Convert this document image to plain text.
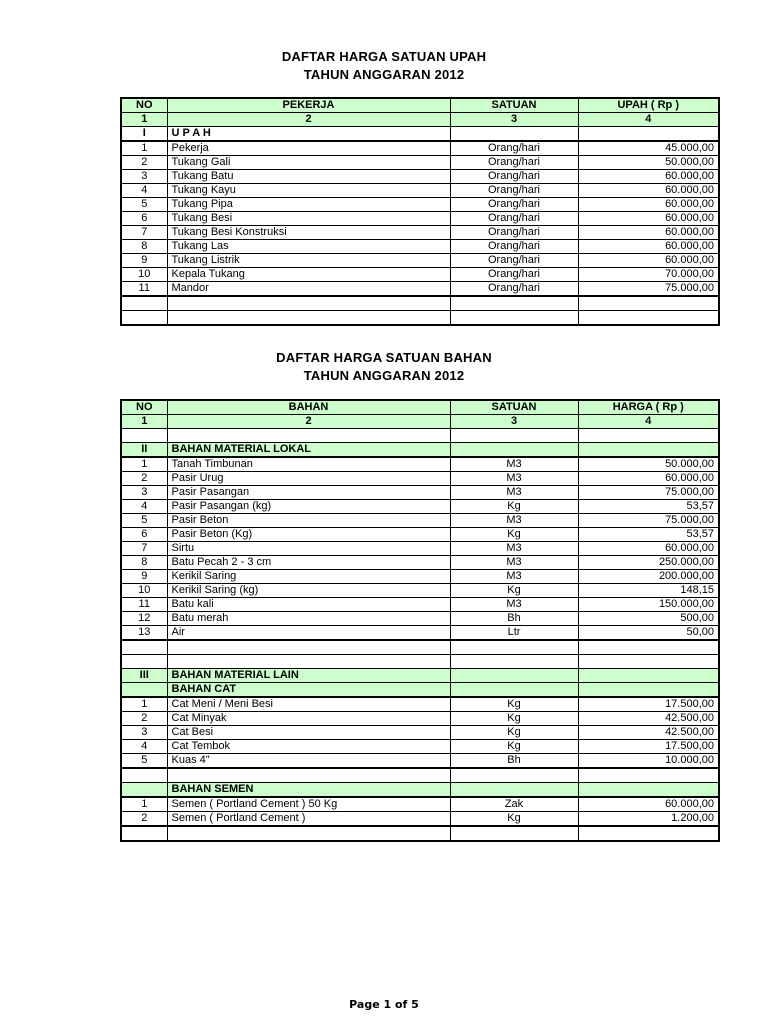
DAFTAR HARGA SATUAN UPAH
TAHUN ANGGARAN 2012
NO	PEKERJA	SATUAN	UPAH ( Rp )
1	2	3	4
I	U P A H		
1	Pekerja	Orang/hari	45.000,00
2	Tukang Gali	Orang/hari	50.000,00
3	Tukang Batu	Orang/hari	60.000,00
4	Tukang Kayu	Orang/hari	60.000,00
5	Tukang Pipa	Orang/hari	60.000,00
6	Tukang Besi	Orang/hari	60.000,00
7	Tukang Besi Konstruksi	Orang/hari	60.000,00
8	Tukang Las	Orang/hari	60.000,00
9	Tukang Listrik	Orang/hari	60.000,00
10	Kepala Tukang	Orang/hari	70.000,00
11	Mandor	Orang/hari	75.000,00

DAFTAR HARGA SATUAN BAHAN
TAHUN ANGGARAN 2012
NO	BAHAN	SATUAN	HARGA ( Rp )
1	2	3	4

II	BAHAN MATERIAL LOKAL		
1	Tanah Timbunan	M3	50.000,00
2	Pasir Urug	M3	60.000,00
3	Pasir Pasangan	M3	75.000,00
4	Pasir Pasangan (kg)	Kg	53,57
5	Pasir Beton	M3	75.000,00
6	Pasir Beton (Kg)	Kg	53,57
7	Sirtu	M3	60.000,00
8	Batu Pecah 2 - 3 cm	M3	250.000,00
9	Kerikil Saring	M3	200.000,00
10	Kerikil Saring (kg)	Kg	148,15
11	Batu kali	M3	150.000,00
12	Batu merah	Bh	500,00
13	Air	Ltr	50,00

III	BAHAN MATERIAL LAIN		
	BAHAN CAT		
1	Cat Meni / Meni Besi	Kg	17.500,00
2	Cat Minyak	Kg	42.500,00
3	Cat Besi	Kg	42.500,00
4	Cat Tembok	Kg	17.500,00
5	Kuas 4"	Bh	10.000,00

	BAHAN SEMEN		
1	Semen ( Portland Cement ) 50 Kg	Zak	60.000,00
2	Semen ( Portland Cement )	Kg	1.200,00

Page 1 of 5
